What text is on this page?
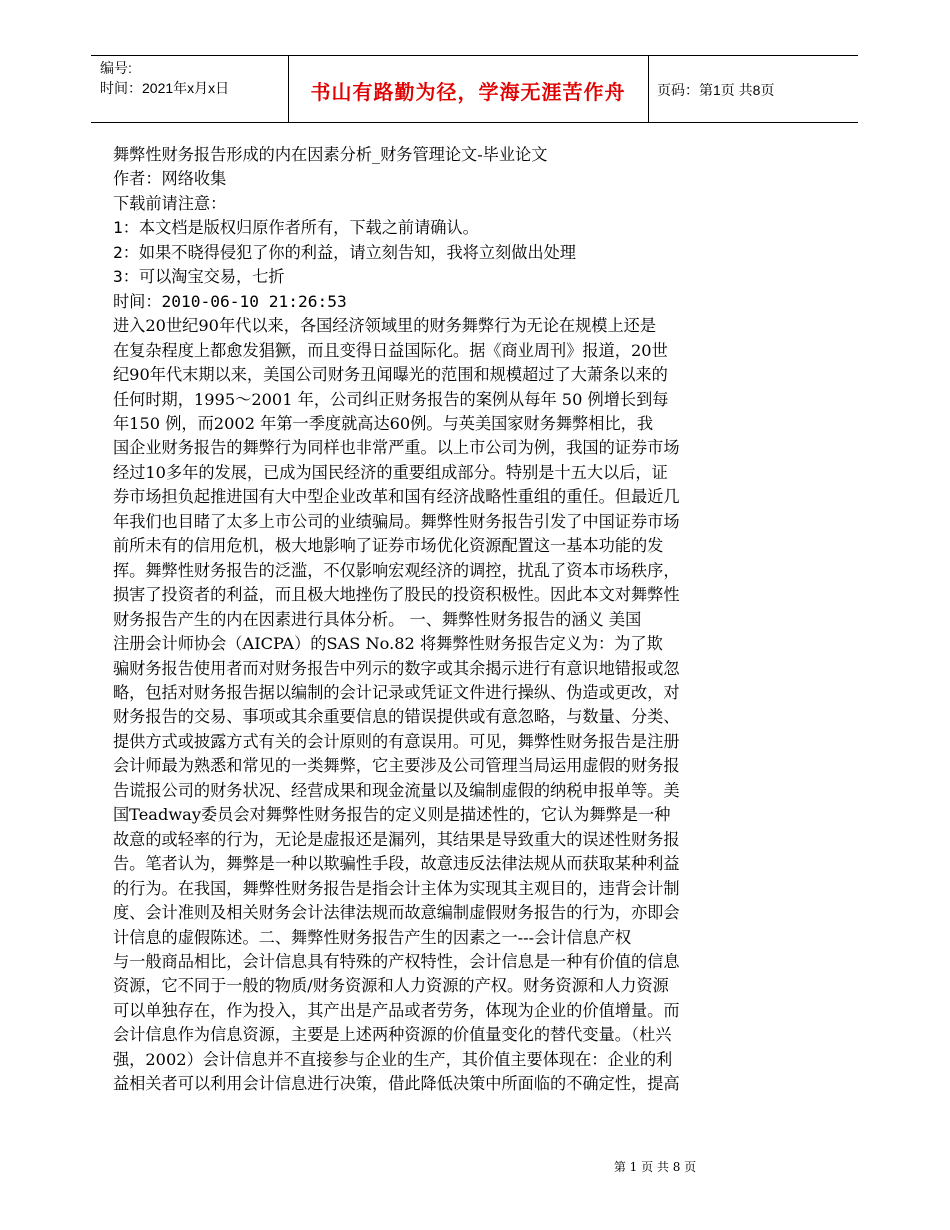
编号:
时间：2021年x月x日	书山有路勤为径，学海无涯苦作舟	页码：第1页 共8页
舞弊性财务报告形成的内在因素分析_财务管理论文-毕业论文
作者：网络收集
下载前请注意：
1：本文档是版权归原作者所有，下载之前请确认。
2：如果不晓得侵犯了你的利益，请立刻告知，我将立刻做出处理
3：可以淘宝交易，七折
时间：2010-06-10 21:26:53
进入20世纪90年代以来，各国经济领域里的财务舞弊行为无论在规模上还是
在复杂程度上都愈发猖獗，而且变得日益国际化。据《商业周刊》报道，20世
纪90年代末期以来，美国公司财务丑闻曝光的范围和规模超过了大萧条以来的
任何时期，1995～2001 年，公司纠正财务报告的案例从每年 50 例增长到每
年150 例，而2002 年第一季度就高达60例。与英美国家财务舞弊相比，我
国企业财务报告的舞弊行为同样也非常严重。以上市公司为例，我国的证券市场
经过10多年的发展，已成为国民经济的重要组成部分。特别是十五大以后，证
券市场担负起推进国有大中型企业改革和国有经济战略性重组的重任。但最近几
年我们也目睹了太多上市公司的业绩骗局。舞弊性财务报告引发了中国证券市场
前所未有的信用危机，极大地影响了证券市场优化资源配置这一基本功能的发
挥。舞弊性财务报告的泛滥，不仅影响宏观经济的调控，扰乱了资本市场秩序，
损害了投资者的利益，而且极大地挫伤了股民的投资积极性。因此本文对舞弊性
财务报告产生的内在因素进行具体分析。 一、舞弊性财务报告的涵义 美国
注册会计师协会（AICPA）的SAS No.82 将舞弊性财务报告定义为：为了欺
骗财务报告使用者而对财务报告中列示的数字或其余揭示进行有意识地错报或忽
略，包括对财务报告据以编制的会计记录或凭证文件进行操纵、伪造或更改，对
财务报告的交易、事项或其余重要信息的错误提供或有意忽略，与数量、分类、
提供方式或披露方式有关的会计原则的有意误用。可见，舞弊性财务报告是注册
会计师最为熟悉和常见的一类舞弊，它主要涉及公司管理当局运用虚假的财务报
告谎报公司的财务状况、经营成果和现金流量以及编制虚假的纳税申报单等。美
国Teadway委员会对舞弊性财务报告的定义则是描述性的，它认为舞弊是一种
故意的或轻率的行为，无论是虚报还是漏列，其结果是导致重大的误述性财务报
告。笔者认为，舞弊是一种以欺骗性手段，故意违反法律法规从而获取某种利益
的行为。在我国，舞弊性财务报告是指会计主体为实现其主观目的，违背会计制
度、会计准则及相关财务会计法律法规而故意编制虚假财务报告的行为，亦即会
计信息的虚假陈述。二、舞弊性财务报告产生的因素之一---会计信息产权
与一般商品相比，会计信息具有特殊的产权特性，会计信息是一种有价值的信息
资源，它不同于一般的物质/财务资源和人力资源的产权。财务资源和人力资源
可以单独存在，作为投入，其产出是产品或者劳务，体现为企业的价值增量。而
会计信息作为信息资源，主要是上述两种资源的价值量变化的替代变量。（杜兴
强，2002）会计信息并不直接参与企业的生产，其价值主要体现在：企业的利
益相关者可以利用会计信息进行决策，借此降低决策中所面临的不确定性，提高
第 1 页 共 8 页
